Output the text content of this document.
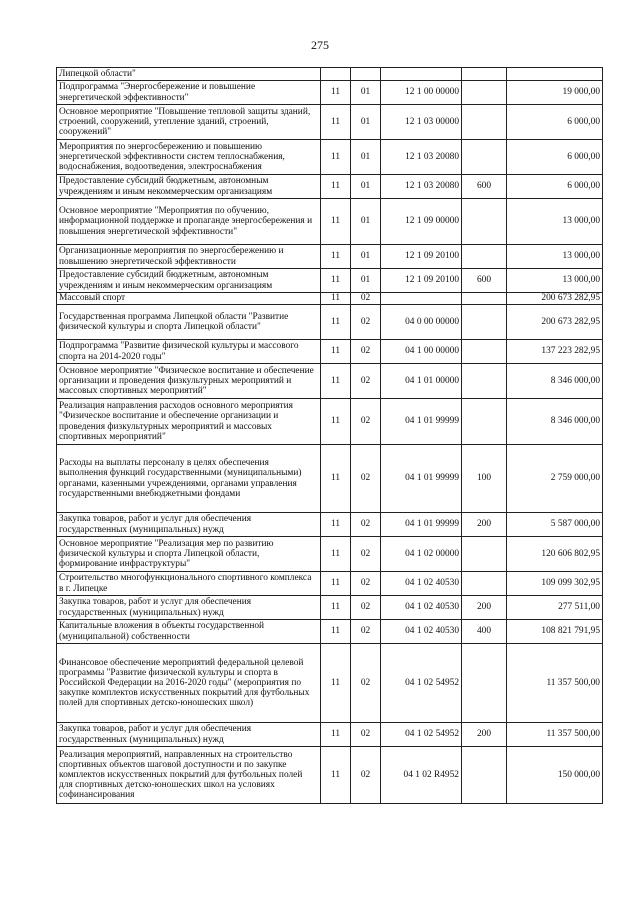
275
Липецкой области"					
Подпрограмма "Энергосбережение и повышение энергетической эффективности"	11	01	12 1 00 00000		19 000,00
Основное мероприятие "Повышение тепловой защиты зданий, строений, сооружений, утепление зданий, строений, сооружений"	11	01	12 1 03 00000		6 000,00
Мероприятия по энергосбережению и повышению энергетической эффективности систем теплоснабжения, водоснабжения, водоотведения, электроснабжения	11	01	12 1 03 20080		6 000,00
Предоставление субсидий бюджетным, автономным учреждениям и иным некоммерческим организациям	11	01	12 1 03 20080	600	6 000,00
Основное мероприятие "Мероприятия по обучению, информационной поддержке и пропаганде энергосбережения и повышения энергетической эффективности"	11	01	12 1 09 00000		13 000,00
Организационные мероприятия по энергосбережению и повышению энергетической эффективности	11	01	12 1 09 20100		13 000,00
Предоставление субсидий бюджетным, автономным учреждениям и иным некоммерческим организациям	11	01	12 1 09 20100	600	13 000,00
Массовый спорт	11	02			200 673 282,95
Государственная программа Липецкой области "Развитие физической культуры и спорта Липецкой области"	11	02	04 0 00 00000		200 673 282,95
Подпрограмма "Развитие физической культуры и массового спорта на 2014-2020 годы"	11	02	04 1 00 00000		137 223 282,95
Основное мероприятие "Физическое воспитание и обеспечение организации и проведения физкультурных мероприятий и массовых спортивных мероприятий"	11	02	04 1 01 00000		8 346 000,00
Реализация направления расходов основного мероприятия "Физическое воспитание и обеспечение организации и проведения физкультурных мероприятий и массовых спортивных мероприятий"	11	02	04 1 01 99999		8 346 000,00
Расходы на выплаты персоналу в целях обеспечения выполнения функций государственными (муниципальными) органами, казенными учреждениями, органами управления государственными внебюджетными фондами	11	02	04 1 01 99999	100	2 759 000,00
Закупка товаров, работ и услуг для обеспечения государственных (муниципальных) нужд	11	02	04 1 01 99999	200	5 587 000,00
Основное мероприятие "Реализация мер по развитию физической культуры и спорта Липецкой области, формирование инфраструктуры"	11	02	04 1 02 00000		120 606 802,95
Строительство многофункционального спортивного комплекса в г. Липецке	11	02	04 1 02 40530		109 099 302,95
Закупка товаров, работ и услуг для обеспечения государственных (муниципальных) нужд	11	02	04 1 02 40530	200	277 511,00
Капитальные вложения в объекты государственной (муниципальной) собственности	11	02	04 1 02 40530	400	108 821 791,95
Финансовое обеспечение мероприятий федеральной целевой программы "Развитие физической культуры и спорта в Российской Федерации на 2016-2020 годы" (мероприятия по закупке комплектов искусственных покрытий для футбольных полей для спортивных детско-юношеских школ)	11	02	04 1 02 54952		11 357 500,00
Закупка товаров, работ и услуг для обеспечения государственных (муниципальных) нужд	11	02	04 1 02 54952	200	11 357 500,00
Реализация мероприятий, направленных на строительство спортивных объектов шаговой доступности и по закупке комплектов искусственных покрытий для футбольных полей для спортивных детско-юношеских школ на условиях софинансирования	11	02	04 1 02 R4952		150 000,00
